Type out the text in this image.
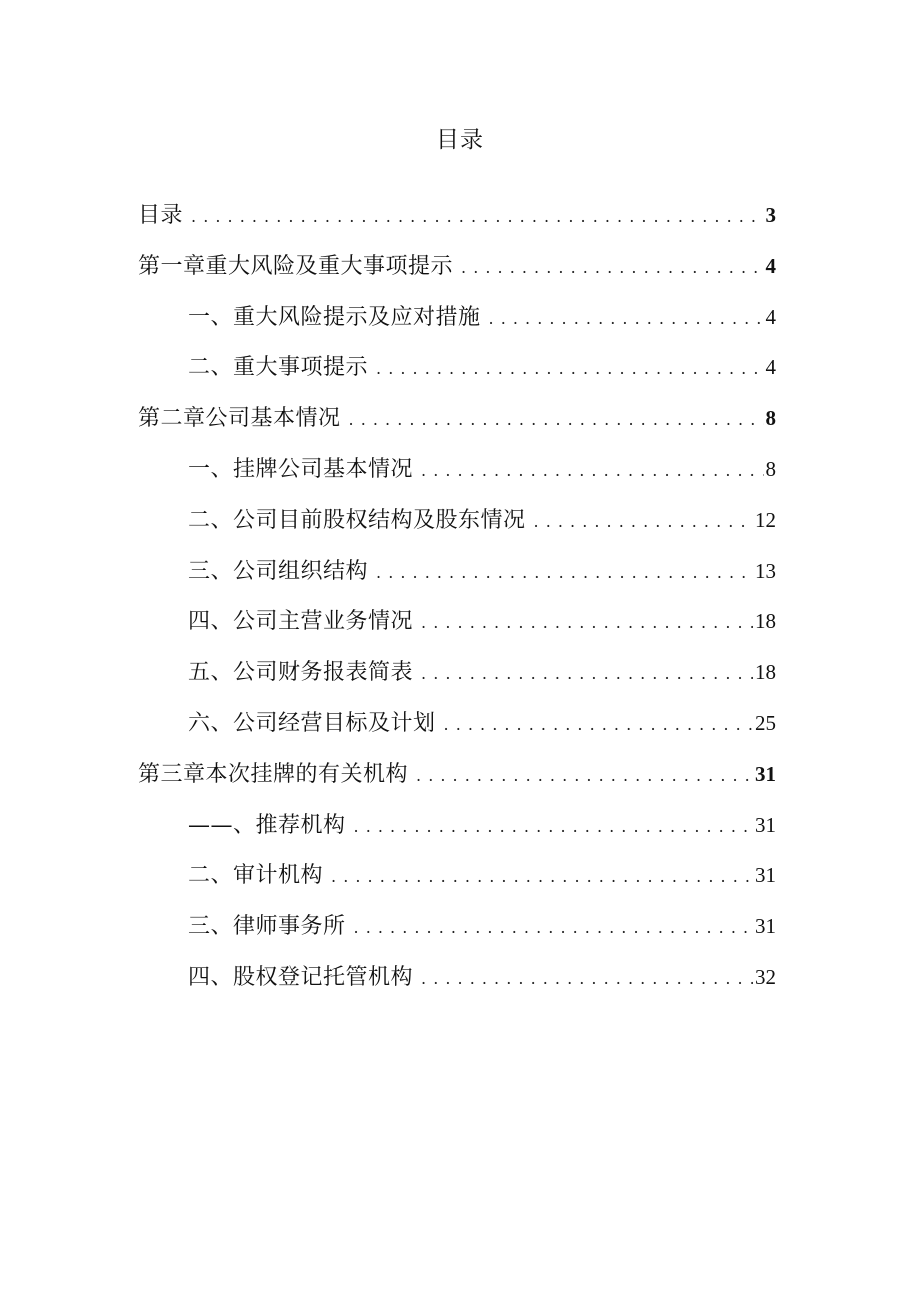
目录
目录 . . .	3
第一章重大风险及重大事项提示 . . .	4
一、重大风险提示及应对措施 . . .	4
二、重大事项提示 . . .	4
第二章公司基本情况 . . .	8
一、挂牌公司基本情况 . . .	8
二、公司目前股权结构及股东情况 . . .	12
三、公司组织结构 . . .	13
四、公司主营业务情况 . . .	18
五、公司财务报表简表 . . .	18
六、公司经营目标及计划 . . .	25
第三章本次挂牌的有关机构 . . .	31
——、推荐机构 . . .	31
二、审计机构 . . .	31
三、律师事务所 . . .	31
四、股权登记托管机构 . . .	32
